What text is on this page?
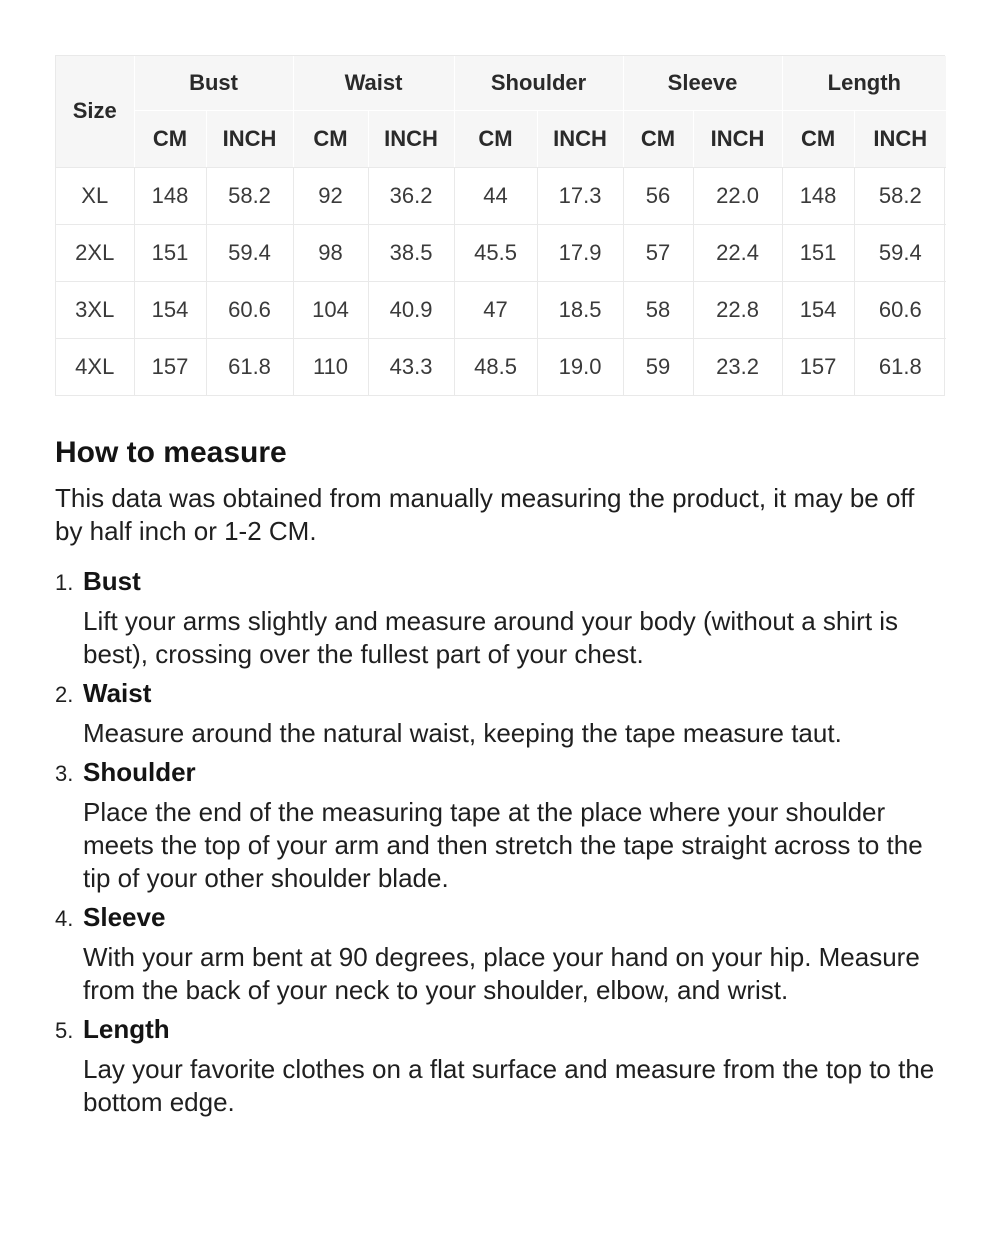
Size	Bust		Waist		Shoulder		Sleeve		Length	
	CM	INCH	CM	INCH	CM	INCH	CM	INCH	CM	INCH
XL	148	58.2	92	36.2	44	17.3	56	22.0	148	58.2
2XL	151	59.4	98	38.5	45.5	17.9	57	22.4	151	59.4
3XL	154	60.6	104	40.9	47	18.5	58	22.8	154	60.6
4XL	157	61.8	110	43.3	48.5	19.0	59	23.2	157	61.8
How to measure

This data was obtained from manually measuring the product, it may be off by half inch or 1-2 CM.

1. Bust
Lift your arms slightly and measure around your body (without a shirt is best), crossing over the fullest part of your chest.
2. Waist
Measure around the natural waist, keeping the tape measure taut.
3. Shoulder
Place the end of the measuring tape at the place where your shoulder meets the top of your arm and then stretch the tape straight across to the tip of your other shoulder blade.
4. Sleeve
With your arm bent at 90 degrees, place your hand on your hip. Measure from the back of your neck to your shoulder, elbow, and wrist.
5. Length
Lay your favorite clothes on a flat surface and measure from the top to the bottom edge.
